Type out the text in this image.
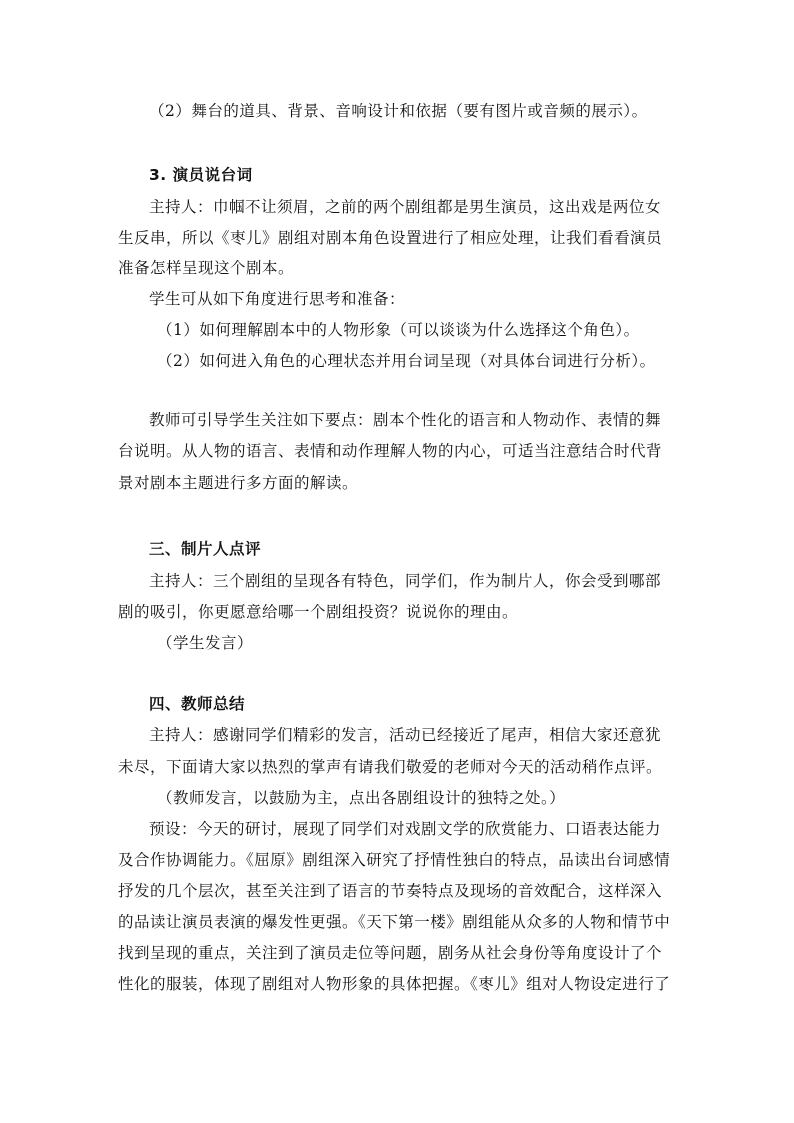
（2）舞台的道具、背景、音响设计和依据（要有图片或音频的展示）。
3. 演员说台词
主持人：巾帼不让须眉，之前的两个剧组都是男生演员，这出戏是两位女
生反串，所以《枣儿》剧组对剧本角色设置进行了相应处理，让我们看看演员
准备怎样呈现这个剧本。
学生可从如下角度进行思考和准备：
（1）如何理解剧本中的人物形象（可以谈谈为什么选择这个角色）。
（2）如何进入角色的心理状态并用台词呈现（对具体台词进行分析）。
教师可引导学生关注如下要点：剧本个性化的语言和人物动作、表情的舞
台说明。从人物的语言、表情和动作理解人物的内心，可适当注意结合时代背
景对剧本主题进行多方面的解读。
三、制片人点评
主持人：三个剧组的呈现各有特色，同学们，作为制片人，你会受到哪部
剧的吸引，你更愿意给哪一个剧组投资？说说你的理由。
（学生发言）
四、教师总结
主持人：感谢同学们精彩的发言，活动已经接近了尾声，相信大家还意犹
未尽，下面请大家以热烈的掌声有请我们敬爱的老师对今天的活动稍作点评。
（教师发言，以鼓励为主，点出各剧组设计的独特之处。）
预设：今天的研讨，展现了同学们对戏剧文学的欣赏能力、口语表达能力
及合作协调能力。《屈原》剧组深入研究了抒情性独白的特点，品读出台词感情
抒发的几个层次，甚至关注到了语言的节奏特点及现场的音效配合，这样深入
的品读让演员表演的爆发性更强。《天下第一楼》剧组能从众多的人物和情节中
找到呈现的重点，关注到了演员走位等问题，剧务从社会身份等角度设计了个
性化的服装，体现了剧组对人物形象的具体把握。《枣儿》组对人物设定进行了
